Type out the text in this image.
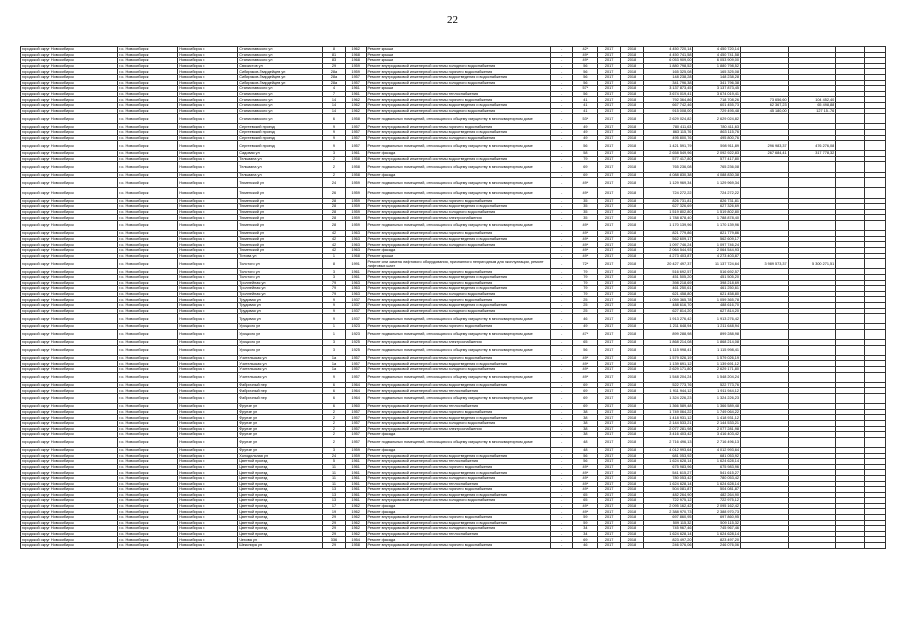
22
городской округ Новосибирск	г.о. Новосибирск	Новосибирск г.	Станиславского ул	8	1962	Ремонт крыши	-	42*	2017	2018	4 450 720,14	4 450 720,14				
городской округ Новосибирск	г.о. Новосибирск	Новосибирск г.	Станиславского ул	81	1968	Ремонт крыши	-	49*	2017	2018	4 450 741,58	4 450 741,58				
городской округ Новосибирск	г.о. Новосибирск	Новосибирск г.	Станиславского ул	83	1968	Ремонт крыши	-	49*	2017	2018	6 053 909,00	6 053 909,00				
городской округ Новосибирск	г.о. Новосибирск	Новосибирск г.	Связистов ул	29	1959	Ремонт внутридомовой инженерной системы холодного водоснабжения	-	56	2017	2018	1 880 798,52	1 880 798,52				
городской округ Новосибирск	г.о. Новосибирск	Новосибирск г.	Сибиряков-Гвардейцев ул	28a	1959	Ремонт внутридомовой инженерной системы горячего водоснабжения	-	56	2017	2018	165 325,08	165 325,08				
городской округ Новосибирск	г.о. Новосибирск	Новосибирск г.	Сибиряков-Гвардейцев ул	28a	1957	Ремонт внутридомовой инженерной системы водоотведения и водоснабжения	-	56	2017	2018	148 238,28	148 238,28				
городской округ Новосибирск	г.о. Новосибирск	Новосибирск г.	Сибиряков-Гвардейцев ул	28a	1957	Ремонт внутридомовой инженерной системы холодного водоснабжения	-	56	2017	2018	341 796,38	341 796,38				
городской округ Новосибирск	г.о. Новосибирск	Новосибирск г.	Станиславского ул	4	1961	Ремонт крыши	-	57*	2017	2018	3 137 873,45	3 137 873,45				
городской округ Новосибирск	г.о. Новосибирск	Новосибирск г.	Станиславского ул	7	1961	Ремонт внутридомовой инженерной системы теплоснабжения	-	56	2017	2018	3 674 019,41	3 674 019,41				
городской округ Новосибирск	г.о. Новосибирск	Новосибирск г.	Станиславского ул	14	1962	Ремонт внутридомовой инженерной системы горячего водоснабжения	-	41	2017	2018	792 364,86	718 708,26	73 656,60	104 452,40		
городской округ Новосибирск	г.о. Новосибирск	Новосибирск г.	Станиславского ул	14	1962	Ремонт внутридомовой инженерной системы водоотведения и водоснабжения	-	41	2017	2018	667 742,46	601 455,73	62 367,23	65 498,88		
городской округ Новосибирск	г.о. Новосибирск	Новосибирск г.	Станиславского ул	14	1962	Ремонт внутридомовой инженерной системы холодного водоснабжения	-	41	2017	2018	915 008,00	729 495,48	45 180,00	127 15..76		
городской округ Новосибирск	г.о. Новосибирск	Новосибирск г.	Станиславского ул	6	1958	Ремонт подвальных помещений, относящихся к общему имуществу в многоквартирном доме	-	53*	2017	2018	2 629 024,82	2 629 024,82				
городской округ Новосибирск	г.о. Новосибирск	Новосибирск г.	Сергеевский проезд	9	1957	Ремонт внутридомовой инженерной системы горячего водоснабжения	-	49	2017	2018	780 411,63	780 411,63				
городской округ Новосибирск	г.о. Новосибирск	Новосибирск г.	Сергеевский проезд	9	1957	Ремонт внутридомовой инженерной системы водоотведения и водоснабжения	-	49	2017	2018	863 115,76	863 115,76				
городской округ Новосибирск	г.о. Новосибирск	Новосибирск г.	Сергеевский проезд	9	1957	Ремонт внутридомовой инженерной системы холодного водоснабжения	-	49	2017	2018	495 800,76	495 800,76				
городской округ Новосибирск	г.о. Новосибирск	Новосибирск г.	Сергеевский проезд	9	1957	Ремонт подвальных помещений, относящихся к общему имуществу в многоквартирном доме	-	56	2017	2018	1 421 591,79	598 911,89	296 983,37	476 276,08		
городской округ Новосибирск	г.о. Новосибирск	Новосибирск г.	Садовая ул	3	1961	Ремонт фасада	-	58	2017	2018	2 658 549,96	2 092 922,83	267 684,41	317 778,32		
городской округ Новосибирск	г.о. Новосибирск	Новосибирск г.	Тельмана ул	2	1958	Ремонт внутридомовой инженерной системы водоотведения и водоснабжения	-	79	2017	2018	577 417,80	577 417,80				
городской округ Новосибирск	г.о. Новосибирск	Новосибирск г.	Тельмана ул	2	1958	Ремонт подвальных помещений, относящихся к общему имуществу в многоквартирном доме	-	69	2017	2018	765 236,08	765 236,08				
городской округ Новосибирск	г.о. Новосибирск	Новосибирск г.	Тельмана ул	2	1958	Ремонт фасада	-	69	2017	2018	4 088 830,38	4 088 830,38				
городской округ Новосибирск	г.о. Новосибирск	Новосибирск г.	Тюменский ул	24	1959	Ремонт подвальных помещений, относящихся к общему имуществу в многоквартирном доме	-	49*	2017	2018	1 129 969,34	1 129 969,34				
городской округ Новосибирск	г.о. Новосибирск	Новосибирск г.	Тюменский ул	26	1959	Ремонт подвальных помещений, относящихся к общему имуществу в многоквартирном доме	-	49*	2017	2018	724 272,22	724 272,22				
городской округ Новосибирск	г.о. Новосибирск	Новосибирск г.	Тюменский ул	28	1959	Ремонт внутридомовой инженерной системы горячего водоснабжения	-	35	2017	2018	826 731,81	826 731,81				
городской округ Новосибирск	г.о. Новосибирск	Новосибирск г.	Тюменский ул	28	1959	Ремонт внутридомовой инженерной системы водоотведения и водоснабжения	-	35	2017	2018	627 326,69	627 326,69				
городской округ Новосибирск	г.о. Новосибирск	Новосибирск г.	Тюменский ул	28	1959	Ремонт внутридомовой инженерной системы холодного водоснабжения	-	35	2017	2018	1 519 802,80	1 519 802,80				
городской округ Новосибирск	г.о. Новосибирск	Новосибирск г.	Тюменский ул	28	1959	Ремонт внутридомовой инженерной системы электроснабжения	-	35	2017	2018	1 788 878,40	1 788 878,40				
городской округ Новосибирск	г.о. Новосибирск	Новосибирск г.	Тюменский ул	28	1959	Ремонт подвальных помещений, относящихся к общему имуществу в многоквартирном доме	-	49*	2017	2018	1 170 139,96	1 170 139,96				
городской округ Новосибирск	г.о. Новосибирск	Новосибирск г.	Тюменский ул	42	1963	Ремонт внутридомовой инженерной системы горячего водоснабжения	-	49*	2017	2018	821 779,86	821 779,86				
городской округ Новосибирск	г.о. Новосибирск	Новосибирск г.	Тюменский ул	42	1963	Ремонт внутридомовой инженерной системы водоотведения и водоснабжения	-	49*	2017	2018	562 609,17	562 609,17				
городской округ Новосибирск	г.о. Новосибирск	Новосибирск г.	Тюменский ул	42	1963	Ремонт внутридомовой инженерной системы холодного водоснабжения	-	49*	2017	2018	1 097 746,24	1 097 746,24				
городской округ Новосибирск	г.о. Новосибирск	Новосибирск г.	Тюменский ул	42	1963	Ремонт фасада	-	49*	2017	2018	2 064 544,93	2 064 544,93				
городской округ Новосибирск	г.о. Новосибирск	Новосибирск г.	Титова ул	1	1968	Ремонт крыши	-	49*	2017	2018	4 273 403,87	4 273 403,87				
городской округ Новосибирск	г.о. Новосибирск	Новосибирск г.	Толстого ул	8	1991	Ремонт или замена лифтового оборудования, признанного непригодным для эксплуатации, ремонт лифтовых шахт	-	72*	2017	2018	20 427 497,37	11 137 724,64	3 989 573,37	5 300 271,51		
городской округ Новосибирск	г.о. Новосибирск	Новосибирск г.	Толстого ул	3	1961	Ремонт внутридомовой инженерной системы горячего водоснабжения	-	79	2017	2018	516 692,57	516 692,57				
городской округ Новосибирск	г.о. Новосибирск	Новосибирск г.	Толстого ул	3	1961	Ремонт внутридомовой инженерной системы водоотведения и водоснабжения	-	79	2017	2018	451 505,20	451 505,20				
городской округ Новосибирск	г.о. Новосибирск	Новосибирск г.	Троллейная ул	79	1963	Ремонт внутридомовой инженерной системы горячего водоснабжения	-	79	2017	2018	398 218,69	398 218,69				
городской округ Новосибирск	г.о. Новосибирск	Новосибирск г.	Троллейная ул	79	1963	Ремонт внутридомовой инженерной системы водоотведения и водоснабжения	-	79	2017	2018	461 250,61	461 250,61				
городской округ Новосибирск	г.о. Новосибирск	Новосибирск г.	Троллейная ул	79	1963	Ремонт внутридомовой инженерной системы холодного водоснабжения	-	79	2017	2018	621 458,80	621 458,80				
городской округ Новосибирск	г.о. Новосибирск	Новосибирск г.	Трудовая ул	9	1937	Ремонт внутридомовой инженерной системы горячего водоснабжения	-	25	2017	2018	1 059 365,78	1 059 365,78				
городской округ Новосибирск	г.о. Новосибирск	Новосибирск г.	Трудовая ул	9	1937	Ремонт внутридомовой инженерной системы водоотведения и водоснабжения	-	25	2017	2018	488 616,70	488 616,70				
городской округ Новосибирск	г.о. Новосибирск	Новосибирск г.	Трудовая ул	9	1937	Ремонт внутридомовой инженерной системы холодного водоснабжения	-	25	2017	2018	627 814,20	627 814,20				
городской округ Новосибирск	г.о. Новосибирск	Новосибирск г.	Трудовая ул	9	1937	Ремонт подвальных помещений, относящихся к общему имуществу в многоквартирном доме	-	46	2017	2018	1 913 276,42	1 913 276,42				
городской округ Новосибирск	г.о. Новосибирск	Новосибирск г.	Урицкого ул	1	1923	Ремонт внутридомовой инженерной системы горячего водоснабжения	-	49	2017	2018	1 211 648,94	1 211 648,94				
городской округ Новосибирск	г.о. Новосибирск	Новосибирск г.	Урицкого ул	1	1923	Ремонт подвальных помещений, относящихся к общему имуществу в многоквартирном доме	-	47*	2017	2018	899 288,98	899 288,98				
городской округ Новосибирск	г.о. Новосибирск	Новосибирск г.	Урицкого ул	3	1925	Ремонт внутридомовой инженерной системы электроснабжения	-	65	2017	2018	1 868 214,08	1 868 214,08				
городской округ Новосибирск	г.о. Новосибирск	Новосибирск г.	Урицкого ул	3	1925	Ремонт подвальных помещений, относящихся к общему имуществу в многоквартирном доме	-	56	2017	2018	1 115 998,41	1 115 998,41				
городской округ Новосибирск	г.о. Новосибирск	Новосибирск г.	Учительская ул	1a	1957	Ремонт внутридомовой инженерной системы горячего водоснабжения	-	49*	2017	2018	1 579 026,19	1 579 026,19				
городской округ Новосибирск	г.о. Новосибирск	Новосибирск г.	Учительская ул	1a	1957	Ремонт внутридомовой инженерной системы водоотведения и водоснабжения	-	49*	2017	2018	1 139 691,12	1 139 691,12				
городской округ Новосибирск	г.о. Новосибирск	Новосибирск г.	Учительская ул	1a	1957	Ремонт внутридомовой инженерной системы холодного водоснабжения	-	49*	2017	2018	2 629 171,80	2 629 171,80				
городской округ Новосибирск	г.о. Новосибирск	Новосибирск г.	Учительская ул	9	1957	Ремонт подвальных помещений, относящихся к общему имуществу в многоквартирном доме	-	49*	2017	2018	1 548 204,24	1 548 204,24				
городской округ Новосибирск	г.о. Новосибирск	Новосибирск г.	Фабричный пер	6	1964	Ремонт внутридомовой инженерной системы водоотведения и водоснабжения	-	69	2017	2018	522 773,76	522 773,76				
городской округ Новосибирск	г.о. Новосибирск	Новосибирск г.	Фабричный пер	6	1964	Ремонт внутридомовой инженерной системы теплоснабжения	-	69	2017	2018	1 911 944,12	1 911 944,12				
городской округ Новосибирск	г.о. Новосибирск	Новосибирск г.	Фабричный пер	6	1964	Ремонт подвальных помещений, относящихся к общему имуществу в многоквартирном доме	-	69	2017	2018	1 324 226,23	1 324 226,23				
городской округ Новосибирск	г.о. Новосибирск	Новосибирск г.	Фрунзе ул	6	1960	Ремонт внутридомовой инженерной системы теплоснабжения	-	69	2017	2018	1 366 589,48	1 366 589,48				
городской округ Новосибирск	г.о. Новосибирск	Новосибирск г.	Фрунзе ул	2	1957	Ремонт внутридомовой инженерной системы горячего водоснабжения	-	38	2017	2018	1 749 064,22	1 749 064,22				
городской округ Новосибирск	г.о. Новосибирск	Новосибирск г.	Фрунзе ул	2	1957	Ремонт внутридомовой инженерной системы водоотведения и водоснабжения	-	38	2017	2018	1 418 931,12	1 418 931,12				
городской округ Новосибирск	г.о. Новосибирск	Новосибирск г.	Фрунзе ул	2	1957	Ремонт внутридомовой инженерной системы холодного водоснабжения	-	38	2017	2018	2 144 533,21	2 144 533,21				
городской округ Новосибирск	г.о. Новосибирск	Новосибирск г.	Фрунзе ул	2	1957	Ремонт внутридомовой инженерной системы электроснабжения	-	38	2017	2018	2 077 281,98	2 077 281,98				
городской округ Новосибирск	г.о. Новосибирск	Новосибирск г.	Фрунзе ул	2	1957	Ремонт фасада	-	38	2017	2018	3 416 403,42	3 416 403,42				
городской округ Новосибирск	г.о. Новосибирск	Новосибирск г.	Фрунзе ул	2	1957	Ремонт подвальных помещений, относящихся к общему имуществу в многоквартирном доме	-	48	2017	2018	2 716 496,13	2 716 496,13				
городской округ Новосибирск	г.о. Новосибирск	Новосибирск г.	Фрунзе ул	3	1959	Ремонт фасада	-	48	2017	2018	4 012 993,64	4 012 993,64				
городской округ Новосибирск	г.о. Новосибирск	Новосибирск г.	Холодильная ул	24	1959	Ремонт внутридомовой инженерной системы водоотведения и водоснабжения	-	56	2017	2018	681 053,92	681 053,92				
городской округ Новосибирск	г.о. Новосибирск	Новосибирск г.	Цветной проезд	5	1961	Ремонт внутридомовой инженерной системы теплоснабжения	-	56	2017	2018	1 624 628,14	1 624 628,14				
городской округ Новосибирск	г.о. Новосибирск	Новосибирск г.	Цветной проезд	11	1961	Ремонт внутридомовой инженерной системы горячего водоснабжения	-	49*	2017	2018	675 983,96	675 983,96				
городской округ Новосибирск	г.о. Новосибирск	Новосибирск г.	Цветной проезд	11	1961	Ремонт внутридомовой инженерной системы водоотведения и водоснабжения	-	49*	2017	2018	541 615,27	541 615,27				
городской округ Новосибирск	г.о. Новосибирск	Новосибирск г.	Цветной проезд	11	1961	Ремонт внутридомовой инженерной системы холодного водоснабжения	-	49*	2017	2018	780 053,42	780 053,42				
городской округ Новосибирск	г.о. Новосибирск	Новосибирск г.	Цветной проезд	11	1961	Ремонт внутридомовой инженерной системы теплоснабжения	-	49*	2017	2018	1 624 628,14	1 624 628,14				
городской округ Новосибирск	г.о. Новосибирск	Новосибирск г.	Цветной проезд	13	1961	Ремонт внутридомовой инженерной системы горячего водоснабжения	-	49*	2017	2018	504 081,87	504 081,87				
городской округ Новосибирск	г.о. Новосибирск	Новосибирск г.	Цветной проезд	13	1961	Ремонт внутридомовой инженерной системы водоотведения и водоснабжения	-	65	2017	2018	482 264,90	482 264,90				
городской округ Новосибирск	г.о. Новосибирск	Новосибирск г.	Цветной проезд	13	1961	Ремонт внутридомовой инженерной системы холодного водоснабжения	-	65	2017	2018	722 975,12	722 975,12				
городской округ Новосибирск	г.о. Новосибирск	Новосибирск г.	Цветной проезд	17	1962	Ремонт фасада	-	49*	2017	2018	2 095 162,42	2 095 162,42				
городской округ Новосибирск	г.о. Новосибирск	Новосибирск г.	Цветной проезд	19	1962	Ремонт фасада	-	49*	2017	2018	2 388 970,73	2 388 970,73				
городской округ Новосибирск	г.о. Новосибирск	Новосибирск г.	Цветной проезд	29	1962	Ремонт внутридомовой инженерной системы горячего водоснабжения	-	59	2017	2018	697 860,95	697 860,95				
городской округ Новосибирск	г.о. Новосибирск	Новосибирск г.	Цветной проезд	29	1962	Ремонт внутридомовой инженерной системы водоотведения и водоснабжения	-	59	2017	2018	509 115,32	509 115,32				
городской округ Новосибирск	г.о. Новосибирск	Новосибирск г.	Цветной проезд	29	1962	Ремонт внутридомовой инженерной системы холодного водоснабжения	-	34	2017	2018	745 967,46	745 967,46				
городской округ Новосибирск	г.о. Новосибирск	Новосибирск г.	Цветной проезд	29	1962	Ремонт внутридомовой инженерной системы теплоснабжения	-	34	2017	2018	1 624 628,14	1 624 628,14				
городской округ Новосибирск	г.о. Новосибирск	Новосибирск г.	Чехова ул	336	1954	Ремонт фасада	-	69	2017	2018	823 497,20	823 497,20				
городской округ Новосибирск	г.о. Новосибирск	Новосибирск г.	Шекспира ул	29	1958	Ремонт внутридомовой инженерной системы горячего водоснабжения	-	46	2017	2018	246 076,06	246 076,06				
